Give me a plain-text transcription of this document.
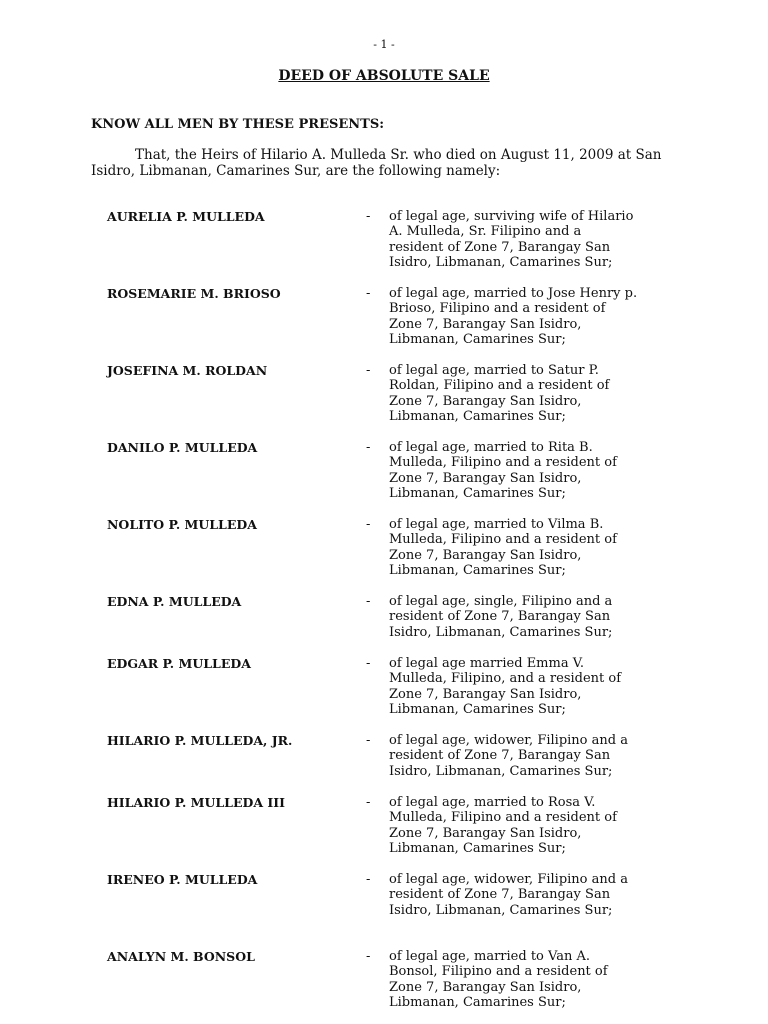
- 1 -
DEED OF ABSOLUTE SALE
KNOW ALL MEN BY THESE PRESENTS:
That, the Heirs of Hilario A. Mulleda Sr. who died on August 11, 2009 at San Isidro, Libmanan, Camarines Sur, are the following namely:
AURELIA P. MULLEDA	- of legal age, surviving wife of Hilario
A. Mulleda, Sr. Filipino and a
resident of Zone 7, Barangay San
Isidro, Libmanan, Camarines Sur;
ROSEMARIE M. BRIOSO	- of legal age, married to Jose Henry p.
Brioso, Filipino and a resident of
Zone 7, Barangay San Isidro,
Libmanan, Camarines Sur;
JOSEFINA M. ROLDAN	- of legal age, married to Satur P.
Roldan, Filipino and a resident of
Zone 7, Barangay San Isidro,
Libmanan, Camarines Sur;
DANILO P. MULLEDA	- of legal age, married to Rita B.
Mulleda, Filipino and a resident of
Zone 7, Barangay San Isidro,
Libmanan, Camarines Sur;
NOLITO P. MULLEDA	- of legal age, married to Vilma B.
Mulleda, Filipino and a resident of
Zone 7, Barangay San Isidro,
Libmanan, Camarines Sur;
EDNA P. MULLEDA	- of legal age, single, Filipino and a
resident of Zone 7, Barangay San
Isidro, Libmanan, Camarines Sur;
EDGAR P. MULLEDA	- of legal age married Emma V.
Mulleda, Filipino, and a resident of
Zone 7, Barangay San Isidro,
Libmanan, Camarines Sur;
HILARIO P. MULLEDA, JR.	- of legal age, widower, Filipino and a
resident of Zone 7, Barangay San
Isidro, Libmanan, Camarines Sur;
HILARIO P. MULLEDA III	- of legal age, married to Rosa V.
Mulleda, Filipino and a resident of
Zone 7, Barangay San Isidro,
Libmanan, Camarines Sur;
IRENEO P. MULLEDA	- of legal age, widower, Filipino and a
resident of Zone 7, Barangay San
Isidro, Libmanan, Camarines Sur;
ANALYN M. BONSOL	- of legal age, married to Van A.
Bonsol, Filipino and a resident of
Zone 7, Barangay San Isidro,
Libmanan, Camarines Sur;
